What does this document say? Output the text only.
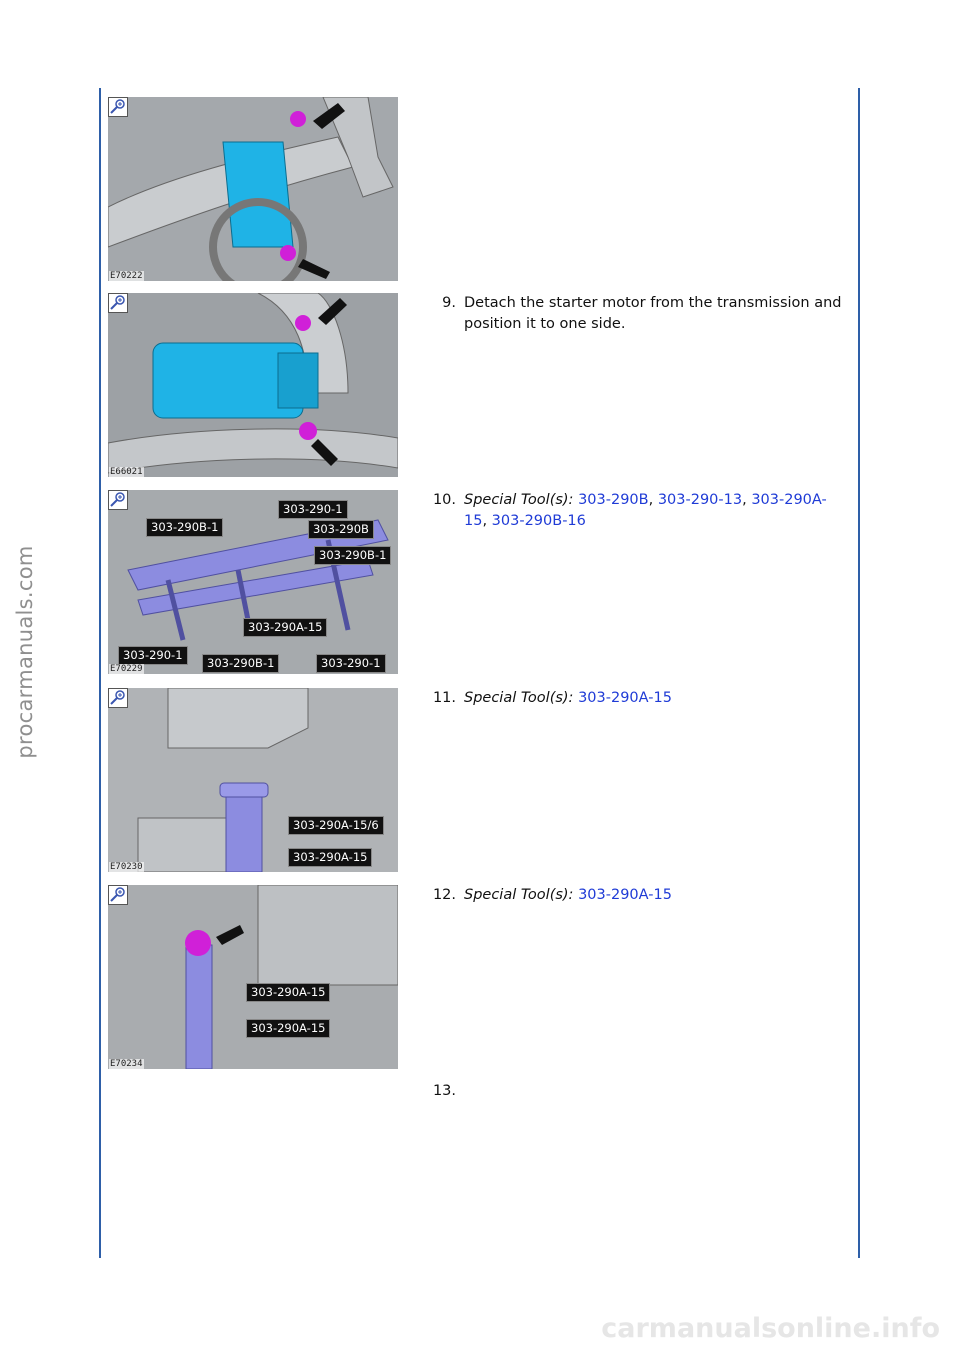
procarmanuals.com
carmanualsonline.info
E70222
E66021
303-290B-1
303-290-1
303-290B
303-290B-1
303-290A-15
303-290-1
303-290B-1	303-290-1
E70229
303-290A-15/6
303-290A-15
E70230
303-290A-15
303-290A-15
E70234
9. Detach the starter motor from the transmission and position it to one side.
10. Special Tool(s): 303-290B, 303-290-13, 303-290A-15, 303-290B-16
11. Special Tool(s): 303-290A-15
12. Special Tool(s): 303-290A-15
13.
